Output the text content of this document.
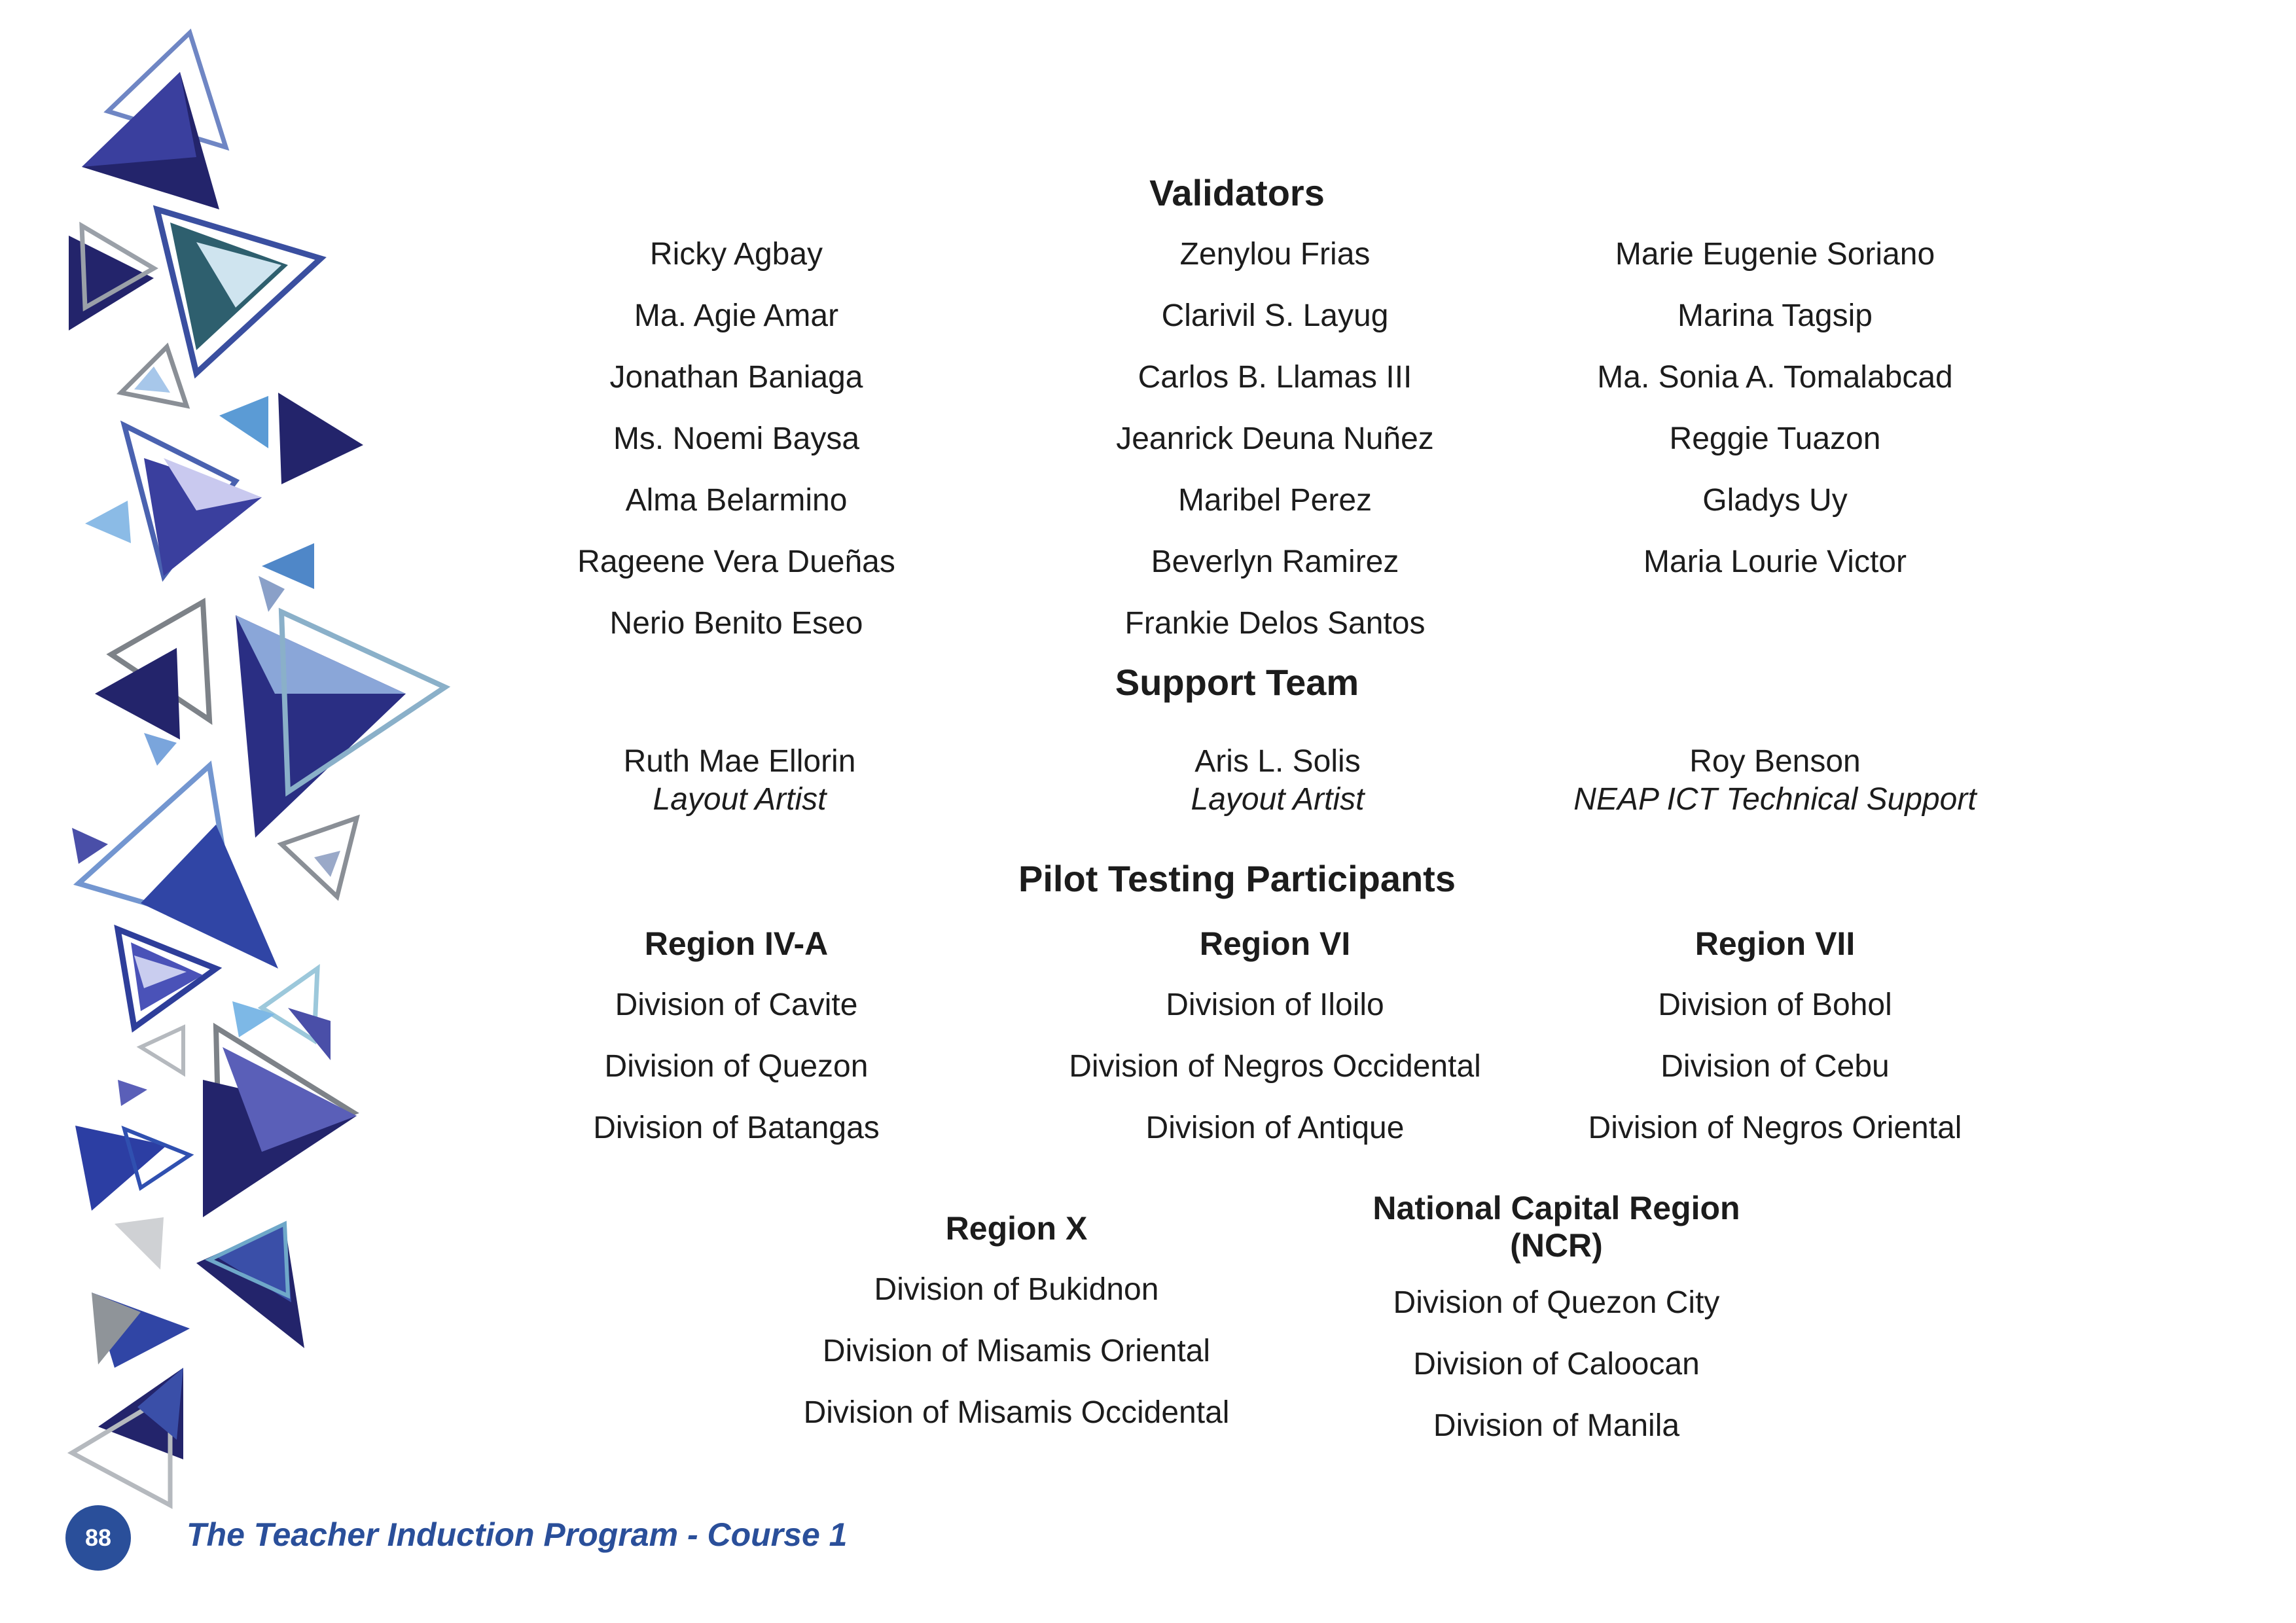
Validators
Ricky Agbay
Ma. Agie Amar
Jonathan Baniaga
Ms. Noemi Baysa
Alma Belarmino
Rageene Vera Dueñas
Nerio Benito Eseo
Zenylou Frias
Clarivil S. Layug
Carlos B. Llamas III
Jeanrick Deuna Nuñez
Maribel Perez
Beverlyn Ramirez
Frankie Delos Santos
Marie Eugenie Soriano
Marina Tagsip
Ma. Sonia A. Tomalabcad
Reggie Tuazon
Gladys Uy
Maria Lourie Victor
Support Team
Ruth Mae Ellorin
Layout Artist
Aris L. Solis
Layout Artist
Roy Benson
NEAP ICT Technical Support
Pilot Testing Participants
Region IV-A
Division of Cavite
Division of Quezon
Division of Batangas
Region VI
Division of Iloilo
Division of Negros Occidental
Division of Antique
Region VII
Division of Bohol
Division of Cebu
Division of Negros Oriental
Region X
Division of Bukidnon
Division of Misamis Oriental
Division of Misamis Occidental
National Capital Region
(NCR)
Division of Quezon City
Division of Caloocan
Division of Manila
88	The Teacher Induction Program - Course 1
